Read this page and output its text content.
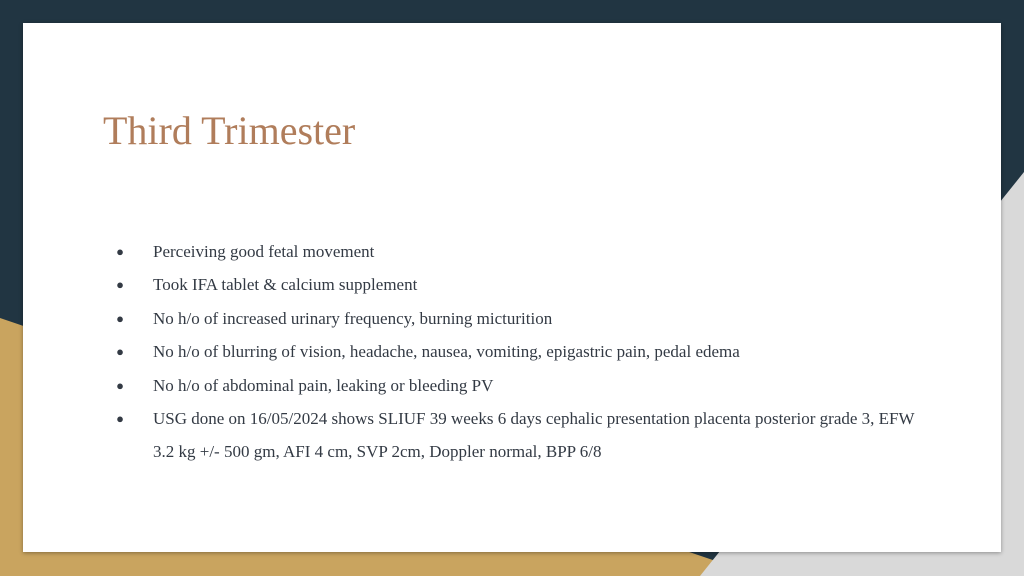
Third Trimester
● Perceiving good fetal movement
● Took IFA tablet & calcium supplement
● No h/o of increased urinary frequency, burning micturition
● No h/o of blurring of vision, headache, nausea, vomiting, epigastric pain, pedal edema
● No h/o of abdominal pain, leaking or bleeding PV
● USG done on 16/05/2024 shows SLIUF 39 weeks 6 days cephalic presentation placenta posterior grade 3, EFW 3.2 kg +/- 500 gm, AFI 4 cm, SVP 2cm, Doppler normal, BPP 6/8
